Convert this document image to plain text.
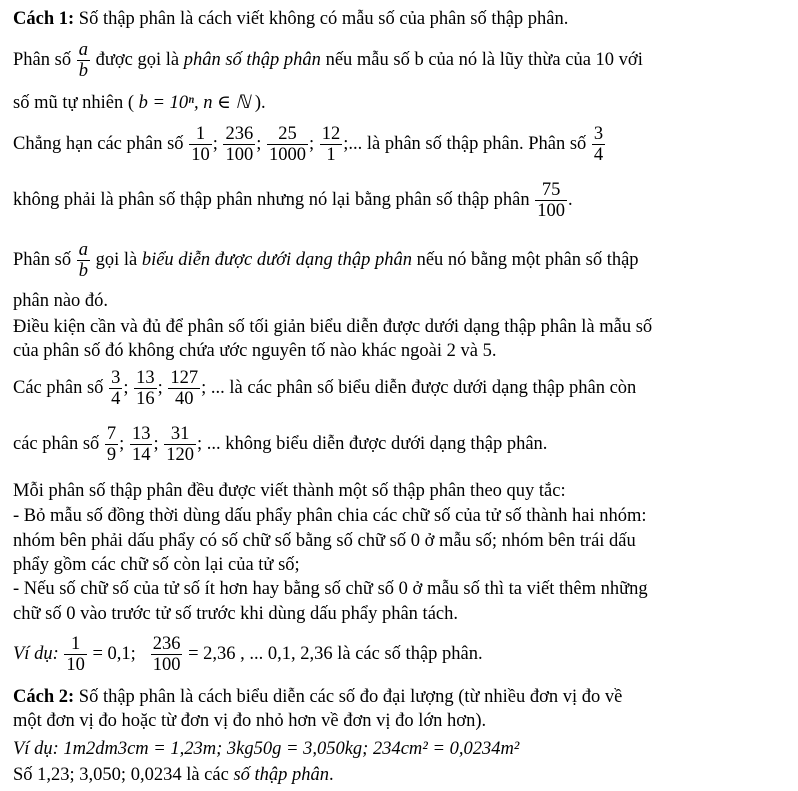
Cách 1: Số thập phân là cách viết không có mẫu số của phân số thập phân.
Phân số $\frac{a}{b}$ được gọi là phân số thập phân nếu mẫu số b của nó là lũy thừa của 10 với
số mũ tự nhiên ( b = 10ⁿ, n ∈ ℕ ).
Chẳng hạn các phân số $\frac{1}{10}$ ; $\frac{236}{100}$ ; $\frac{25}{1000}$ ; $\frac{12}{1}$ ;... là phân số thập phân. Phân số $\frac{3}{4}$
không phải là phân số thập phân nhưng nó lại bằng phân số thập phân $\frac{75}{100}$ .
Phân số $\frac{a}{b}$ gọi là biểu diễn được dưới dạng thập phân nếu nó bằng một phân số thập
phân nào đó.
Điều kiện cần và đủ để phân số tối giản biểu diễn được dưới dạng thập phân là mẫu số
của phân số đó không chứa ước nguyên tố nào khác ngoài 2 và 5.
Các phân số $\frac{3}{4}$ ; $\frac{13}{16}$ ; $\frac{127}{40}$ ; ... là các phân số biểu diễn được dưới dạng thập phân còn
các phân số $\frac{7}{9}$ ; $\frac{13}{14}$ ; $\frac{31}{120}$ ; ... không biểu diễn được dưới dạng thập phân.
Mỗi phân số thập phân đều được viết thành một số thập phân theo quy tắc:
- Bỏ mẫu số đồng thời dùng dấu phẩy phân chia các chữ số của tử số thành hai nhóm:
nhóm bên phải dấu phẩy có số chữ số bằng số chữ số 0 ở mẫu số; nhóm bên trái dấu
phẩy gồm các chữ số còn lại của tử số;
- Nếu số chữ số của tử số ít hơn hay bằng số chữ số 0 ở mẫu số thì ta viết thêm những
chữ số 0 vào trước tử số trước khi dùng dấu phẩy phân tách.
Ví dụ: $\frac{1}{10} = 0,1$; $\frac{236}{100} = 2,36$ , ... 0,1, 2,36 là các số thập phân.
Cách 2: Số thập phân là cách biểu diễn các số đo đại lượng (từ nhiều đơn vị đo về
một đơn vị đo hoặc từ đơn vị đo nhỏ hơn về đơn vị đo lớn hơn).
Ví dụ: 1m2dm3cm = 1,23m; 3kg50g = 3,050kg; 234cm² = 0,0234m²
Số 1,23; 3,050; 0,0234 là các số thập phân.
